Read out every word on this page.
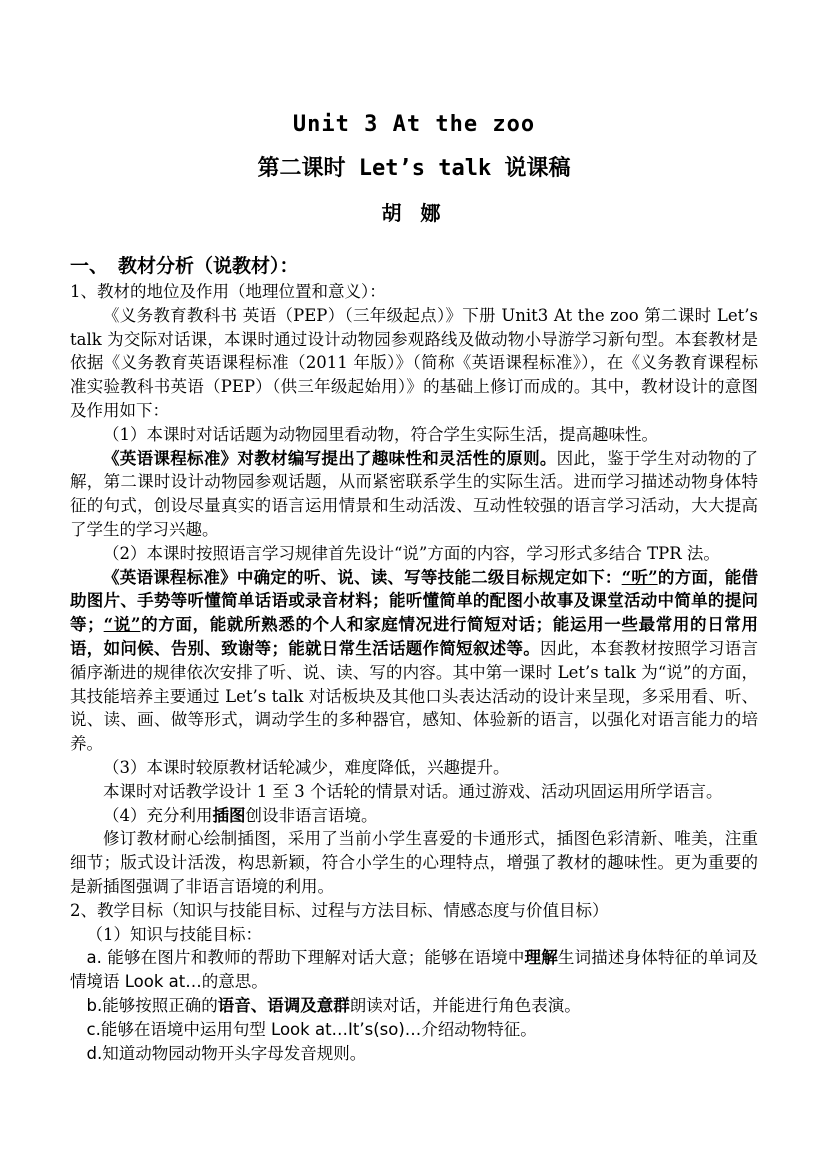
Unit 3 At the zoo
第二课时 Let’s talk 说课稿
胡 娜
一、 教材分析（说教材）：

1、教材的地位及作用（地理位置和意义）：

《义务教育教科书 英语（PEP）（三年级起点）》下册 Unit3 At the zoo 第二课时 Let’s talk 为交际对话课，本课时通过设计动物园参观路线及做动物小导游学习新句型。本套教材是依据《义务教育英语课程标准（2011 年版）》（简称《英语课程标准》），在《义务教育课程标准实验教科书英语（PEP）（供三年级起始用）》的基础上修订而成的。其中，教材设计的意图及作用如下：

（1）本课时对话话题为动物园里看动物，符合学生实际生活，提高趣味性。

《英语课程标准》对教材编写提出了趣味性和灵活性的原则。因此，鉴于学生对动物的了解，第二课时设计动物园参观话题，从而紧密联系学生的实际生活。进而学习描述动物身体特征的句式，创设尽量真实的语言运用情景和生动活泼、互动性较强的语言学习活动，大大提高了学生的学习兴趣。

（2）本课时按照语言学习规律首先设计“说”方面的内容，学习形式多结合 TPR 法。

《英语课程标准》中确定的听、说、读、写等技能二级目标规定如下：“听”的方面，能借助图片、手势等听懂简单话语或录音材料；能听懂简单的配图小故事及课堂活动中简单的提问等；“说”的方面，能就所熟悉的个人和家庭情况进行简短对话；能运用一些最常用的日常用语，如问候、告别、致谢等；能就日常生活话题作简短叙述等。因此，本套教材按照学习语言循序渐进的规律依次安排了听、说、读、写的内容。其中第一课时 Let’s talk 为“说”的方面，其技能培养主要通过 Let’s talk 对话板块及其他口头表达活动的设计来呈现，多采用看、听、说、读、画、做等形式，调动学生的多种器官，感知、体验新的语言，以强化对语言能力的培养。

（3）本课时较原教材话轮减少，难度降低，兴趣提升。

本课时对话教学设计 1 至 3 个话轮的情景对话。通过游戏、活动巩固运用所学语言。

（4）充分利用插图创设非语言语境。

修订教材耐心绘制插图，采用了当前小学生喜爱的卡通形式，插图色彩清新、唯美，注重细节；版式设计活泼，构思新颖，符合小学生的心理特点，增强了教材的趣味性。更为重要的是新插图强调了非语言语境的利用。

2、教学目标（知识与技能目标、过程与方法目标、情感态度与价值目标）

（1）知识与技能目标：

a. 能够在图片和教师的帮助下理解对话大意；能够在语境中理解生词描述身体特征的单词及情境语 Look at…的意思。

b.能够按照正确的语音、语调及意群朗读对话，并能进行角色表演。

c.能够在语境中运用句型 Look at…It’s(so)…介绍动物特征。

d.知道动物园动物开头字母发音规则。
